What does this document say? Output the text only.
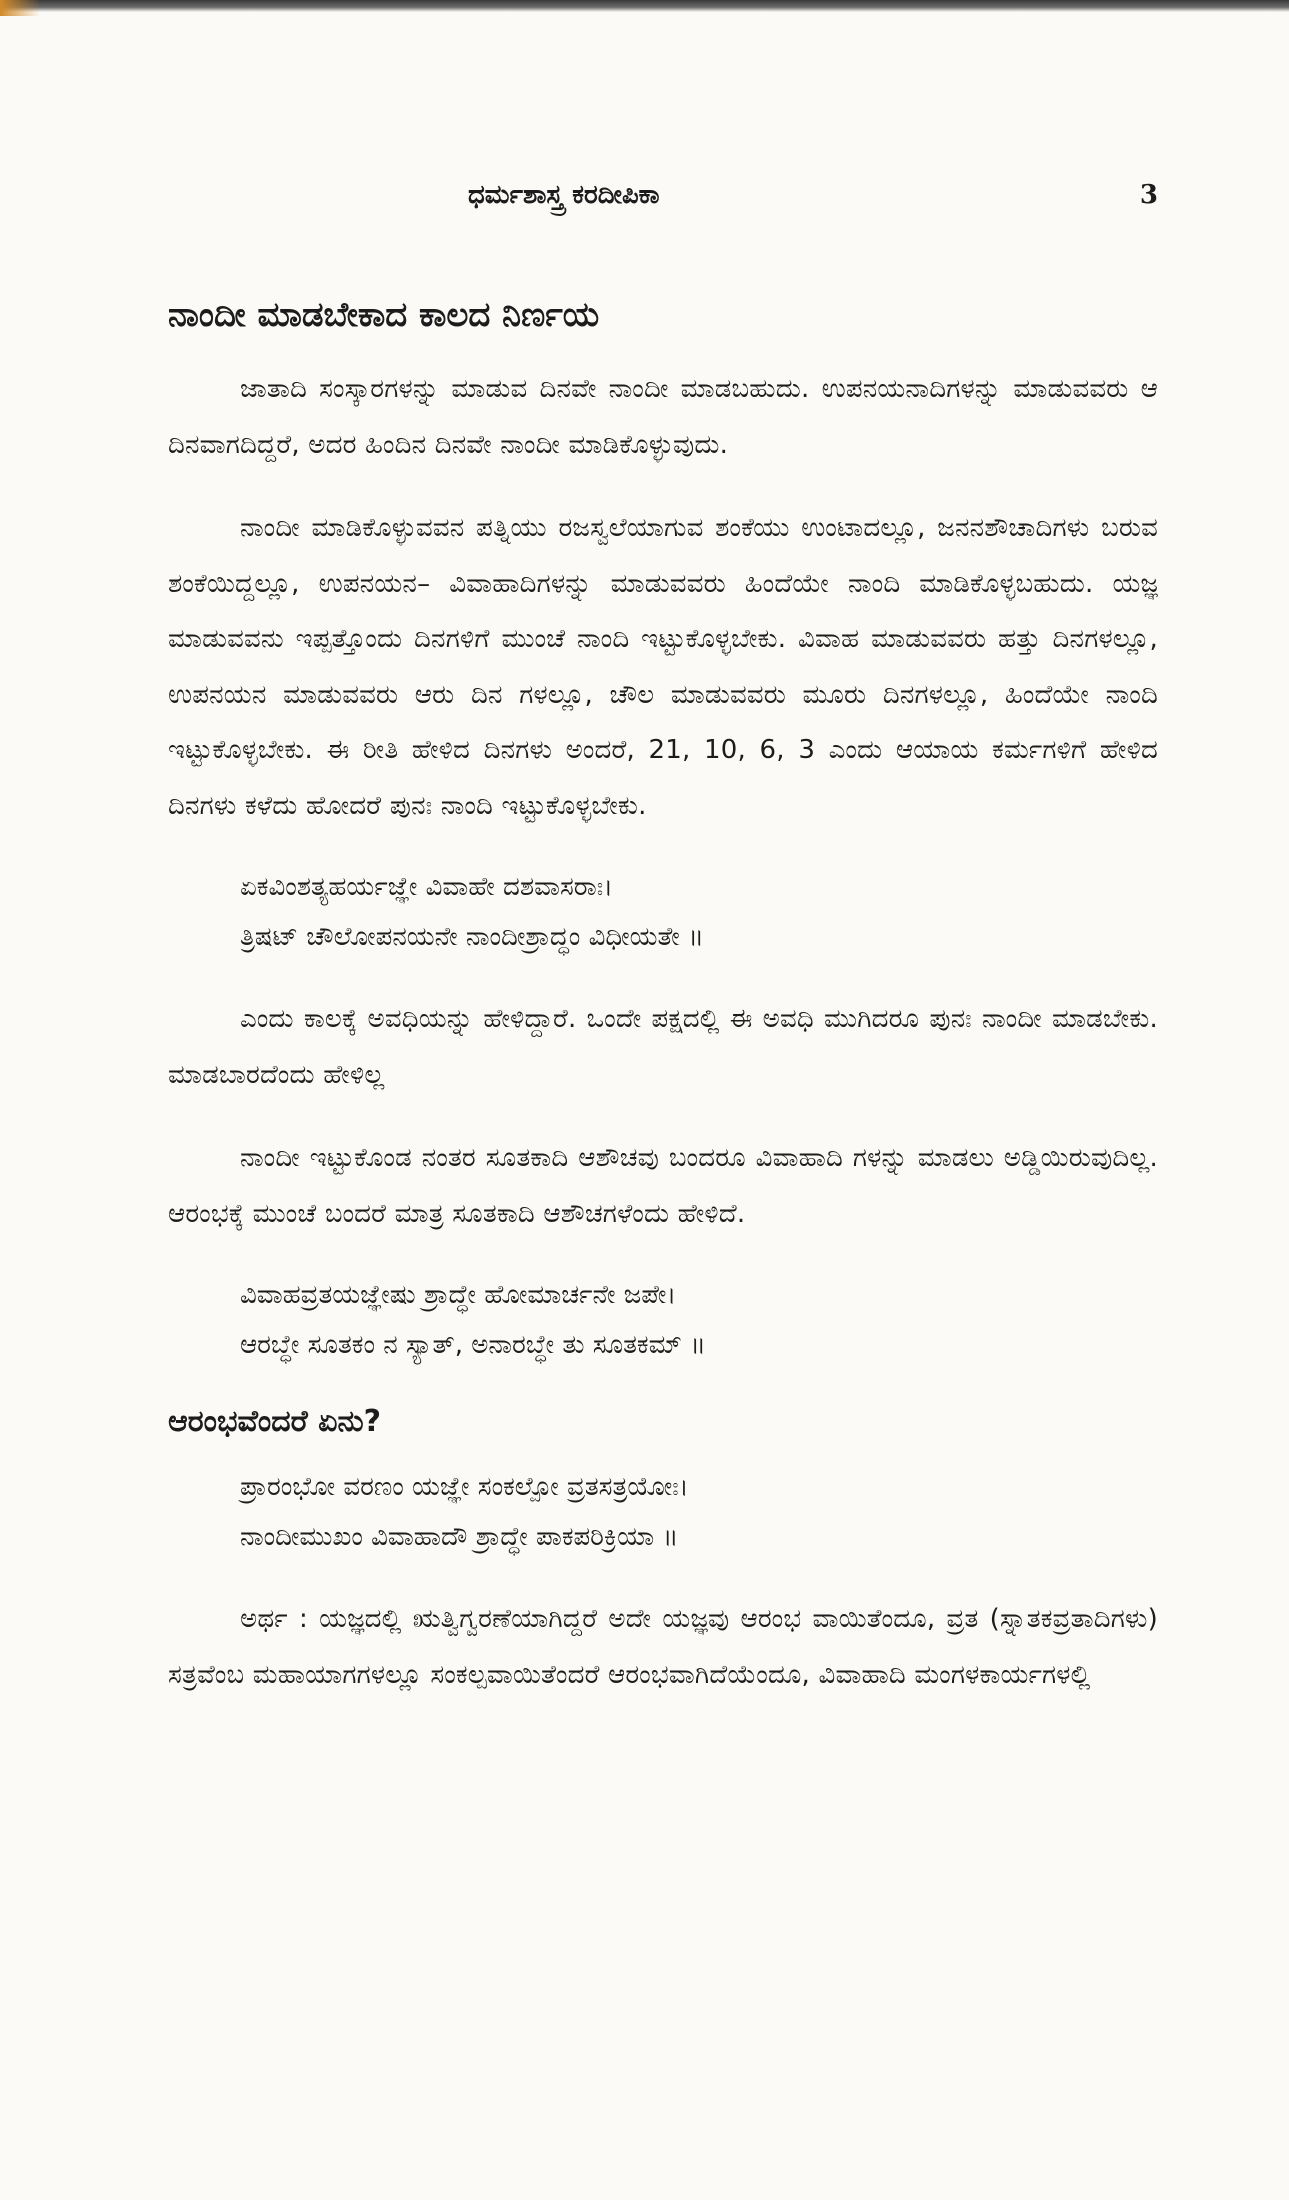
ಧರ್ಮಶಾಸ್ತ್ರ ಕರದೀಪಿಕಾ	3
ನಾಂದೀ ಮಾಡಬೇಕಾದ ಕಾಲದ ನಿರ್ಣಯ

ಜಾತಾದಿ ಸಂಸ್ಕಾರಗಳನ್ನು ಮಾಡುವ ದಿನವೇ ನಾಂದೀ ಮಾಡಬಹುದು. ಉಪನಯನಾದಿಗಳನ್ನು ಮಾಡುವವರು ಆ ದಿನವಾಗದಿದ್ದರೆ, ಅದರ ಹಿಂದಿನ ದಿನವೇ ನಾಂದೀ ಮಾಡಿಕೊಳ್ಳುವುದು.

ನಾಂದೀ ಮಾಡಿಕೊಳ್ಳುವವನ ಪತ್ನಿಯು ರಜಸ್ವಲೆಯಾಗುವ ಶಂಕೆಯು ಉಂಟಾದಲ್ಲೂ, ಜನನಶೌಚಾದಿಗಳು ಬರುವ ಶಂಕೆಯಿದ್ದಲ್ಲೂ, ಉಪನಯನ– ವಿವಾಹಾದಿಗಳನ್ನು ಮಾಡುವವರು ಹಿಂದೆಯೇ ನಾಂದಿ ಮಾಡಿಕೊಳ್ಳಬಹುದು. ಯಜ್ಞ ಮಾಡುವವನು ಇಪ್ಪತ್ತೊಂದು ದಿನಗಳಿಗೆ ಮುಂಚೆ ನಾಂದಿ ಇಟ್ಟುಕೊಳ್ಳಬೇಕು. ವಿವಾಹ ಮಾಡುವವರು ಹತ್ತು ದಿನಗಳಲ್ಲೂ, ಉಪನಯನ ಮಾಡುವವರು ಆರು ದಿನ ಗಳಲ್ಲೂ, ಚೌಲ ಮಾಡುವವರು ಮೂರು ದಿನಗಳಲ್ಲೂ, ಹಿಂದೆಯೇ ನಾಂದಿ ಇಟ್ಟುಕೊಳ್ಳಬೇಕು. ಈ ರೀತಿ ಹೇಳಿದ ದಿನಗಳು ಅಂದರೆ, 21, 10, 6, 3 ಎಂದು ಆಯಾಯ ಕರ್ಮಗಳಿಗೆ ಹೇಳಿದ ದಿನಗಳು ಕಳೆದು ಹೋದರೆ ಪುನಃ ನಾಂದಿ ಇಟ್ಟುಕೊಳ್ಳಬೇಕು.

ಏಕವಿಂಶತ್ಯಹರ್ಯಜ್ಞೇ ವಿವಾಹೇ ದಶವಾಸರಾಃ।
ತ್ರಿಷಟ್ ಚೌಲೋಪನಯನೇ ನಾಂದೀಶ್ರಾದ್ಧಂ ವಿಧೀಯತೇ ॥

ಎಂದು ಕಾಲಕ್ಕೆ ಅವಧಿಯನ್ನು ಹೇಳಿದ್ದಾರೆ. ಒಂದೇ ಪಕ್ಷದಲ್ಲಿ ಈ ಅವಧಿ ಮುಗಿದರೂ ಪುನಃ ನಾಂದೀ ಮಾಡಬೇಕು. ಮಾಡಬಾರದೆಂದು ಹೇಳಿಲ್ಲ

ನಾಂದೀ ಇಟ್ಟುಕೊಂಡ ನಂತರ ಸೂತಕಾದಿ ಆಶೌಚವು ಬಂದರೂ ವಿವಾಹಾದಿ ಗಳನ್ನು ಮಾಡಲು ಅಡ್ಡಿಯಿರುವುದಿಲ್ಲ. ಆರಂಭಕ್ಕೆ ಮುಂಚೆ ಬಂದರೆ ಮಾತ್ರ ಸೂತಕಾದಿ ಆಶೌಚಗಳೆಂದು ಹೇಳಿದೆ.

ವಿವಾಹವ್ರತಯಜ್ಞೇಷು ಶ್ರಾದ್ಧೇ ಹೋಮಾರ್ಚನೇ ಜಪೇ।
ಆರಬ್ಧೇ ಸೂತಕಂ ನ ಸ್ಯಾತ್, ಅನಾರಬ್ಧೇ ತು ಸೂತಕಮ್ ॥
ಆರಂಭವೆಂದರೆ ಏನು?
ಪ್ರಾರಂಭೋ ವರಣಂ ಯಜ್ಞೇ ಸಂಕಲ್ಪೋ ವ್ರತಸತ್ರಯೋಃ।
ನಾಂದೀಮುಖಂ ವಿವಾಹಾದೌ ಶ್ರಾದ್ಧೇ ಪಾಕಪರಿಕ್ರಿಯಾ ॥

ಅರ್ಥ : ಯಜ್ಞದಲ್ಲಿ ಋತ್ವಿಗ್ವರಣೆಯಾಗಿದ್ದರೆ ಅದೇ ಯಜ್ಞವು ಆರಂಭ ವಾಯಿತೆಂದೂ, ವ್ರತ (ಸ್ನಾತಕವ್ರತಾದಿಗಳು) ಸತ್ರವೆಂಬ ಮಹಾಯಾಗಗಳಲ್ಲೂ ಸಂಕಲ್ಪವಾಯಿತೆಂದರೆ ಆರಂಭವಾಗಿದೆಯೆಂದೂ, ವಿವಾಹಾದಿ ಮಂಗಳಕಾರ್ಯಗಳಲ್ಲಿ
